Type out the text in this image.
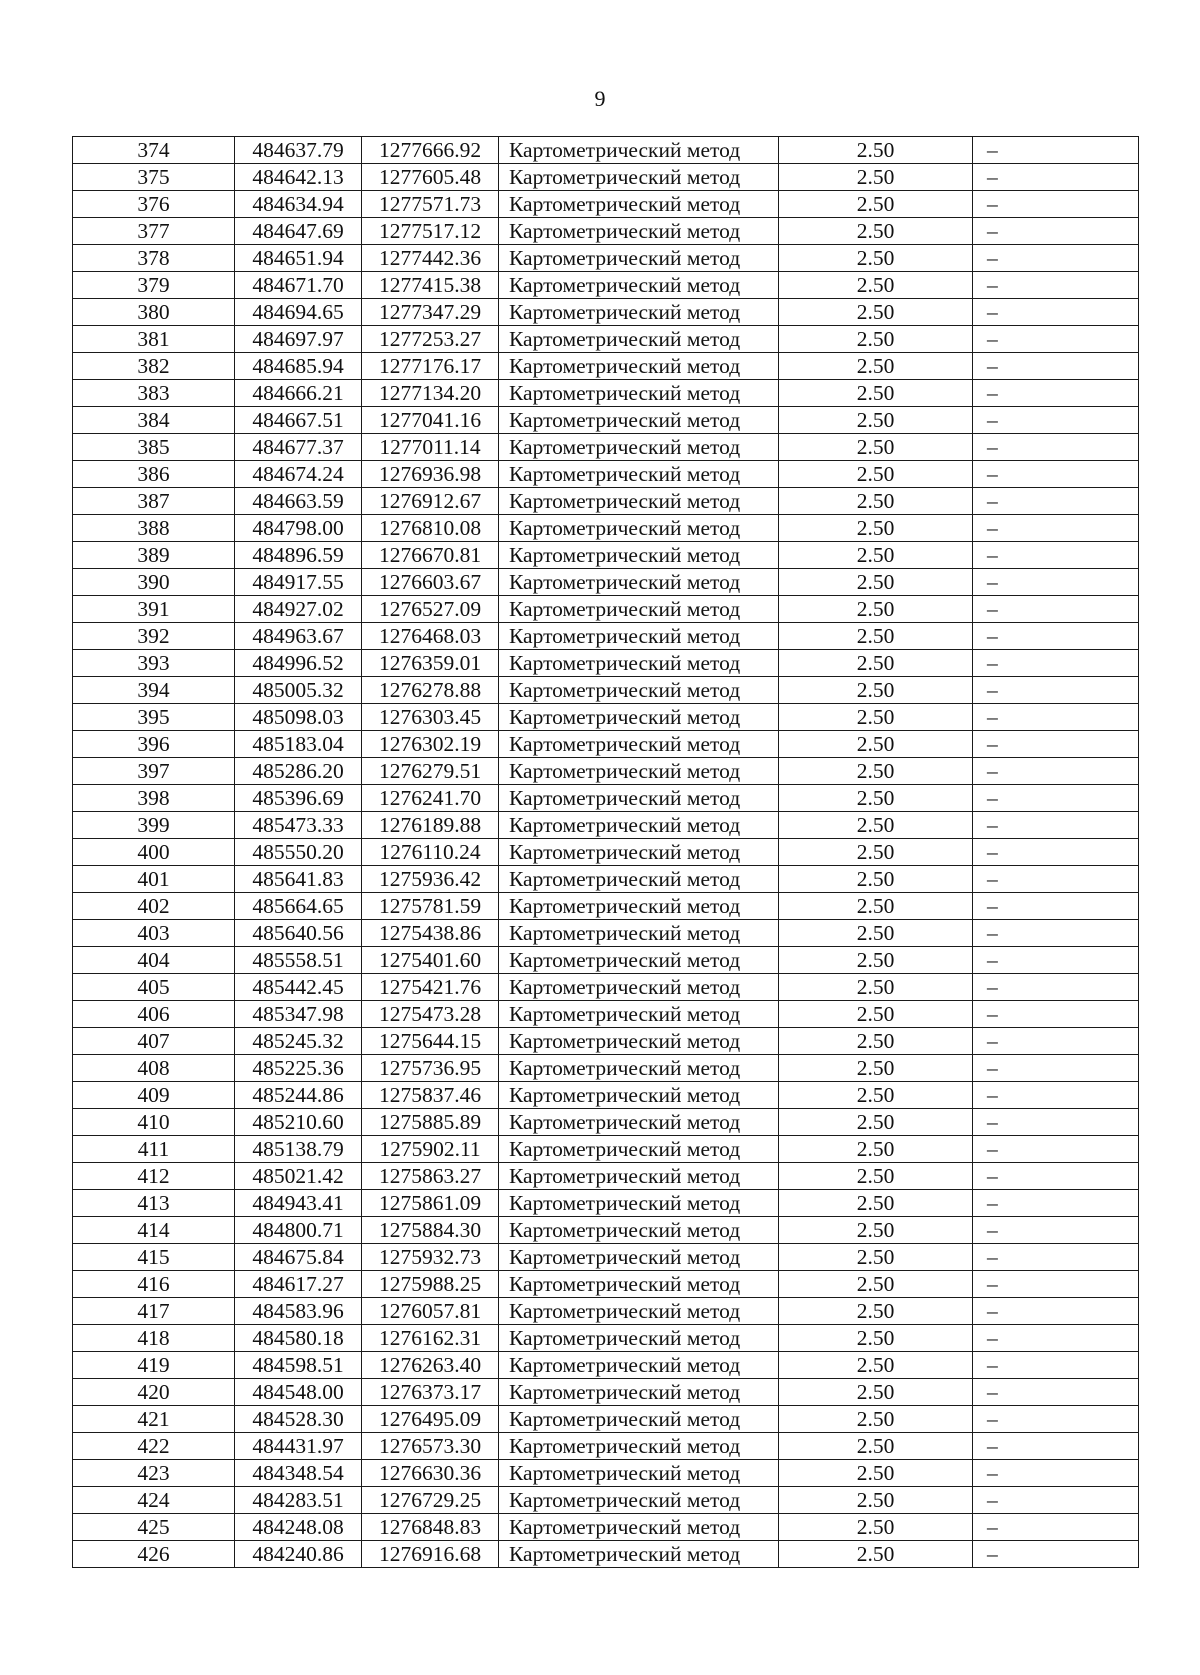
9
374	484637.79	1277666.92	Картометрический метод	2.50	–
375	484642.13	1277605.48	Картометрический метод	2.50	–
376	484634.94	1277571.73	Картометрический метод	2.50	–
377	484647.69	1277517.12	Картометрический метод	2.50	–
378	484651.94	1277442.36	Картометрический метод	2.50	–
379	484671.70	1277415.38	Картометрический метод	2.50	–
380	484694.65	1277347.29	Картометрический метод	2.50	–
381	484697.97	1277253.27	Картометрический метод	2.50	–
382	484685.94	1277176.17	Картометрический метод	2.50	–
383	484666.21	1277134.20	Картометрический метод	2.50	–
384	484667.51	1277041.16	Картометрический метод	2.50	–
385	484677.37	1277011.14	Картометрический метод	2.50	–
386	484674.24	1276936.98	Картометрический метод	2.50	–
387	484663.59	1276912.67	Картометрический метод	2.50	–
388	484798.00	1276810.08	Картометрический метод	2.50	–
389	484896.59	1276670.81	Картометрический метод	2.50	–
390	484917.55	1276603.67	Картометрический метод	2.50	–
391	484927.02	1276527.09	Картометрический метод	2.50	–
392	484963.67	1276468.03	Картометрический метод	2.50	–
393	484996.52	1276359.01	Картометрический метод	2.50	–
394	485005.32	1276278.88	Картометрический метод	2.50	–
395	485098.03	1276303.45	Картометрический метод	2.50	–
396	485183.04	1276302.19	Картометрический метод	2.50	–
397	485286.20	1276279.51	Картометрический метод	2.50	–
398	485396.69	1276241.70	Картометрический метод	2.50	–
399	485473.33	1276189.88	Картометрический метод	2.50	–
400	485550.20	1276110.24	Картометрический метод	2.50	–
401	485641.83	1275936.42	Картометрический метод	2.50	–
402	485664.65	1275781.59	Картометрический метод	2.50	–
403	485640.56	1275438.86	Картометрический метод	2.50	–
404	485558.51	1275401.60	Картометрический метод	2.50	–
405	485442.45	1275421.76	Картометрический метод	2.50	–
406	485347.98	1275473.28	Картометрический метод	2.50	–
407	485245.32	1275644.15	Картометрический метод	2.50	–
408	485225.36	1275736.95	Картометрический метод	2.50	–
409	485244.86	1275837.46	Картометрический метод	2.50	–
410	485210.60	1275885.89	Картометрический метод	2.50	–
411	485138.79	1275902.11	Картометрический метод	2.50	–
412	485021.42	1275863.27	Картометрический метод	2.50	–
413	484943.41	1275861.09	Картометрический метод	2.50	–
414	484800.71	1275884.30	Картометрический метод	2.50	–
415	484675.84	1275932.73	Картометрический метод	2.50	–
416	484617.27	1275988.25	Картометрический метод	2.50	–
417	484583.96	1276057.81	Картометрический метод	2.50	–
418	484580.18	1276162.31	Картометрический метод	2.50	–
419	484598.51	1276263.40	Картометрический метод	2.50	–
420	484548.00	1276373.17	Картометрический метод	2.50	–
421	484528.30	1276495.09	Картометрический метод	2.50	–
422	484431.97	1276573.30	Картометрический метод	2.50	–
423	484348.54	1276630.36	Картометрический метод	2.50	–
424	484283.51	1276729.25	Картометрический метод	2.50	–
425	484248.08	1276848.83	Картометрический метод	2.50	–
426	484240.86	1276916.68	Картометрический метод	2.50	–
